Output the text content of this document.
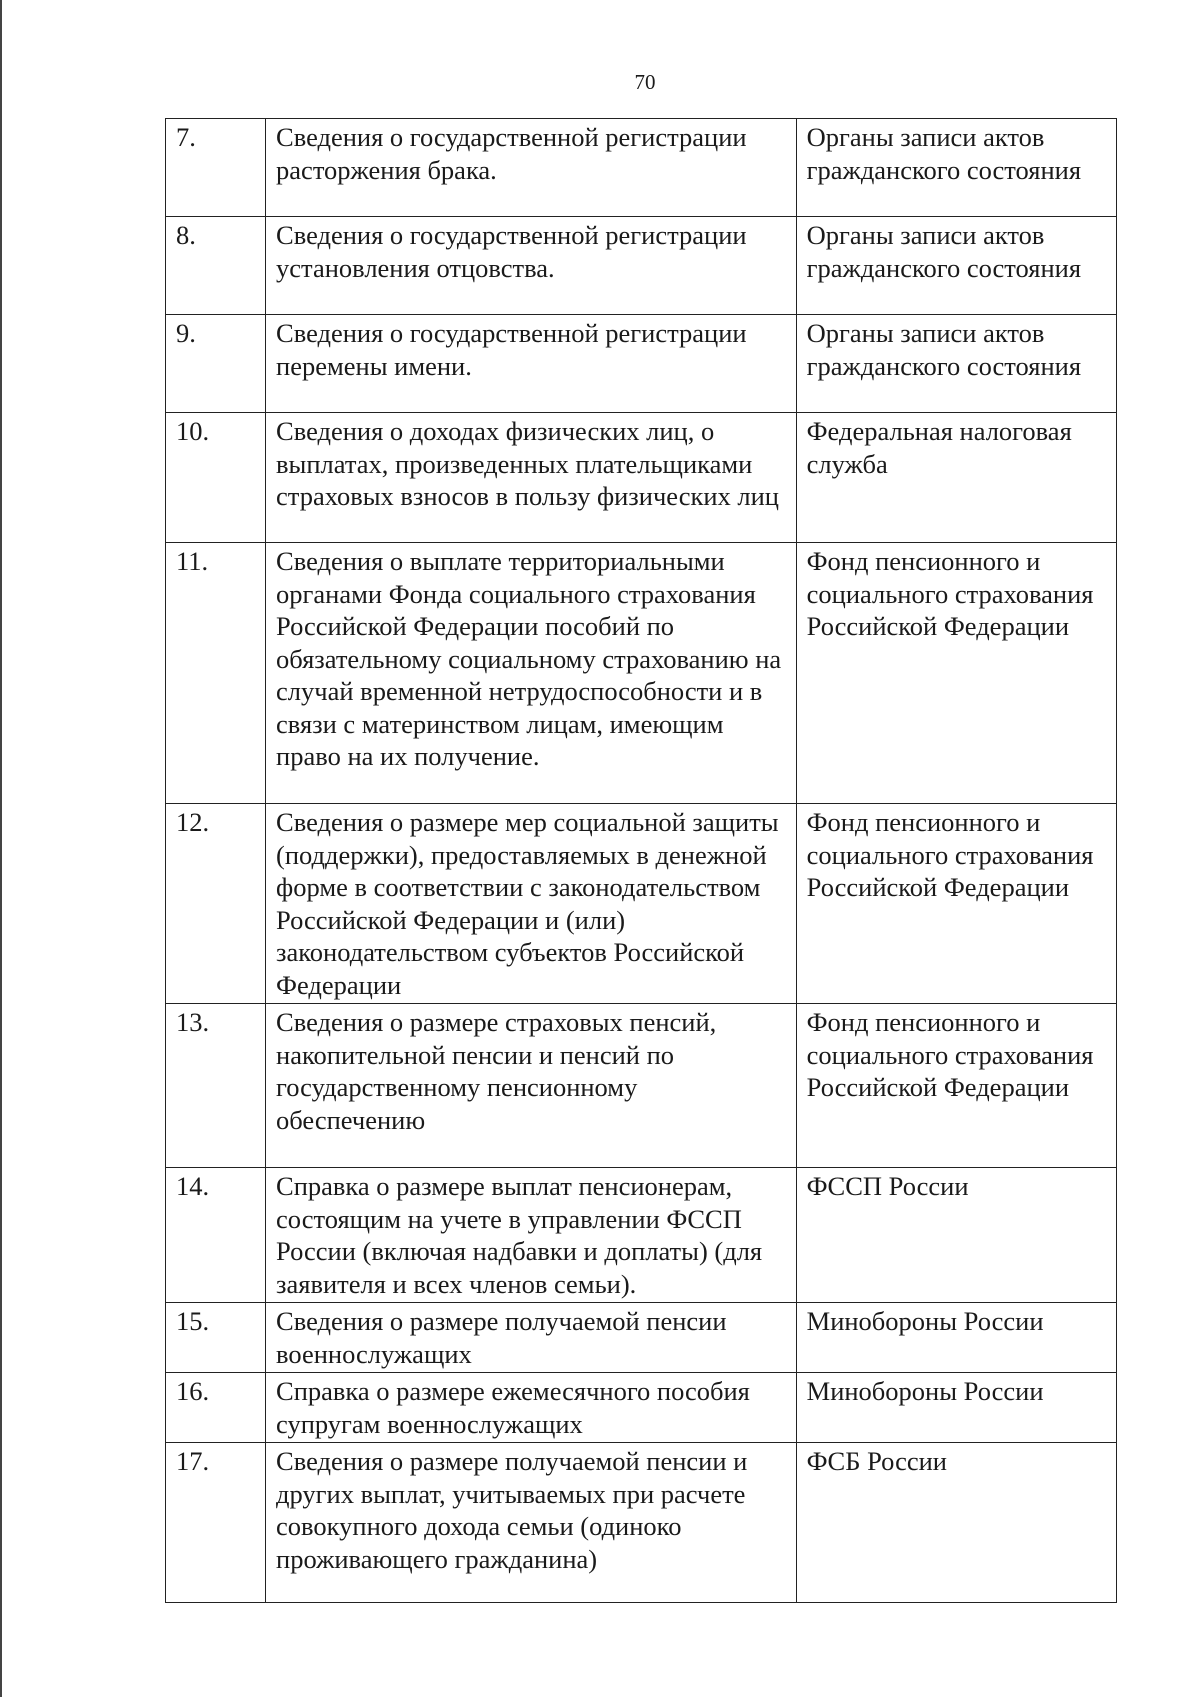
70
7.	Сведения о государственной регистрации расторжения брака.	Органы записи актов гражданского состояния
8.	Сведения о государственной регистрации установления отцовства.	Органы записи актов гражданского состояния
9.	Сведения о государственной регистрации перемены имени.	Органы записи актов гражданского состояния
10.	Сведения о доходах физических лиц, о выплатах, произведенных плательщиками страховых взносов в пользу физических лиц	Федеральная налоговая служба
11.	Сведения о выплате территориальными органами Фонда социального страхования Российской Федерации пособий по обязательному социальному страхованию на случай временной нетрудоспособности и в связи с материнством лицам, имеющим право на их получение.	Фонд пенсионного и социального страхования Российской Федерации
12.	Сведения о размере мер социальной защиты (поддержки), предоставляемых в денежной форме в соответствии с законодательством Российской Федерации и (или) законодательством субъектов Российской Федерации	Фонд пенсионного и социального страхования Российской Федерации
13.	Сведения о размере страховых пенсий, накопительной пенсии и пенсий по государственному пенсионному обеспечению	Фонд пенсионного и социального страхования Российской Федерации
14.	Справка о размере выплат пенсионерам, состоящим на учете в управлении ФССП России (включая надбавки и доплаты) (для заявителя и всех членов семьи).	ФССП России
15.	Сведения о размере получаемой пенсии военнослужащих	Минобороны России
16.	Справка о размере ежемесячного пособия супругам военнослужащих	Минобороны России
17.	Сведения о размере получаемой пенсии и других выплат, учитываемых при расчете совокупного дохода семьи (одиноко проживающего гражданина)	ФСБ России
